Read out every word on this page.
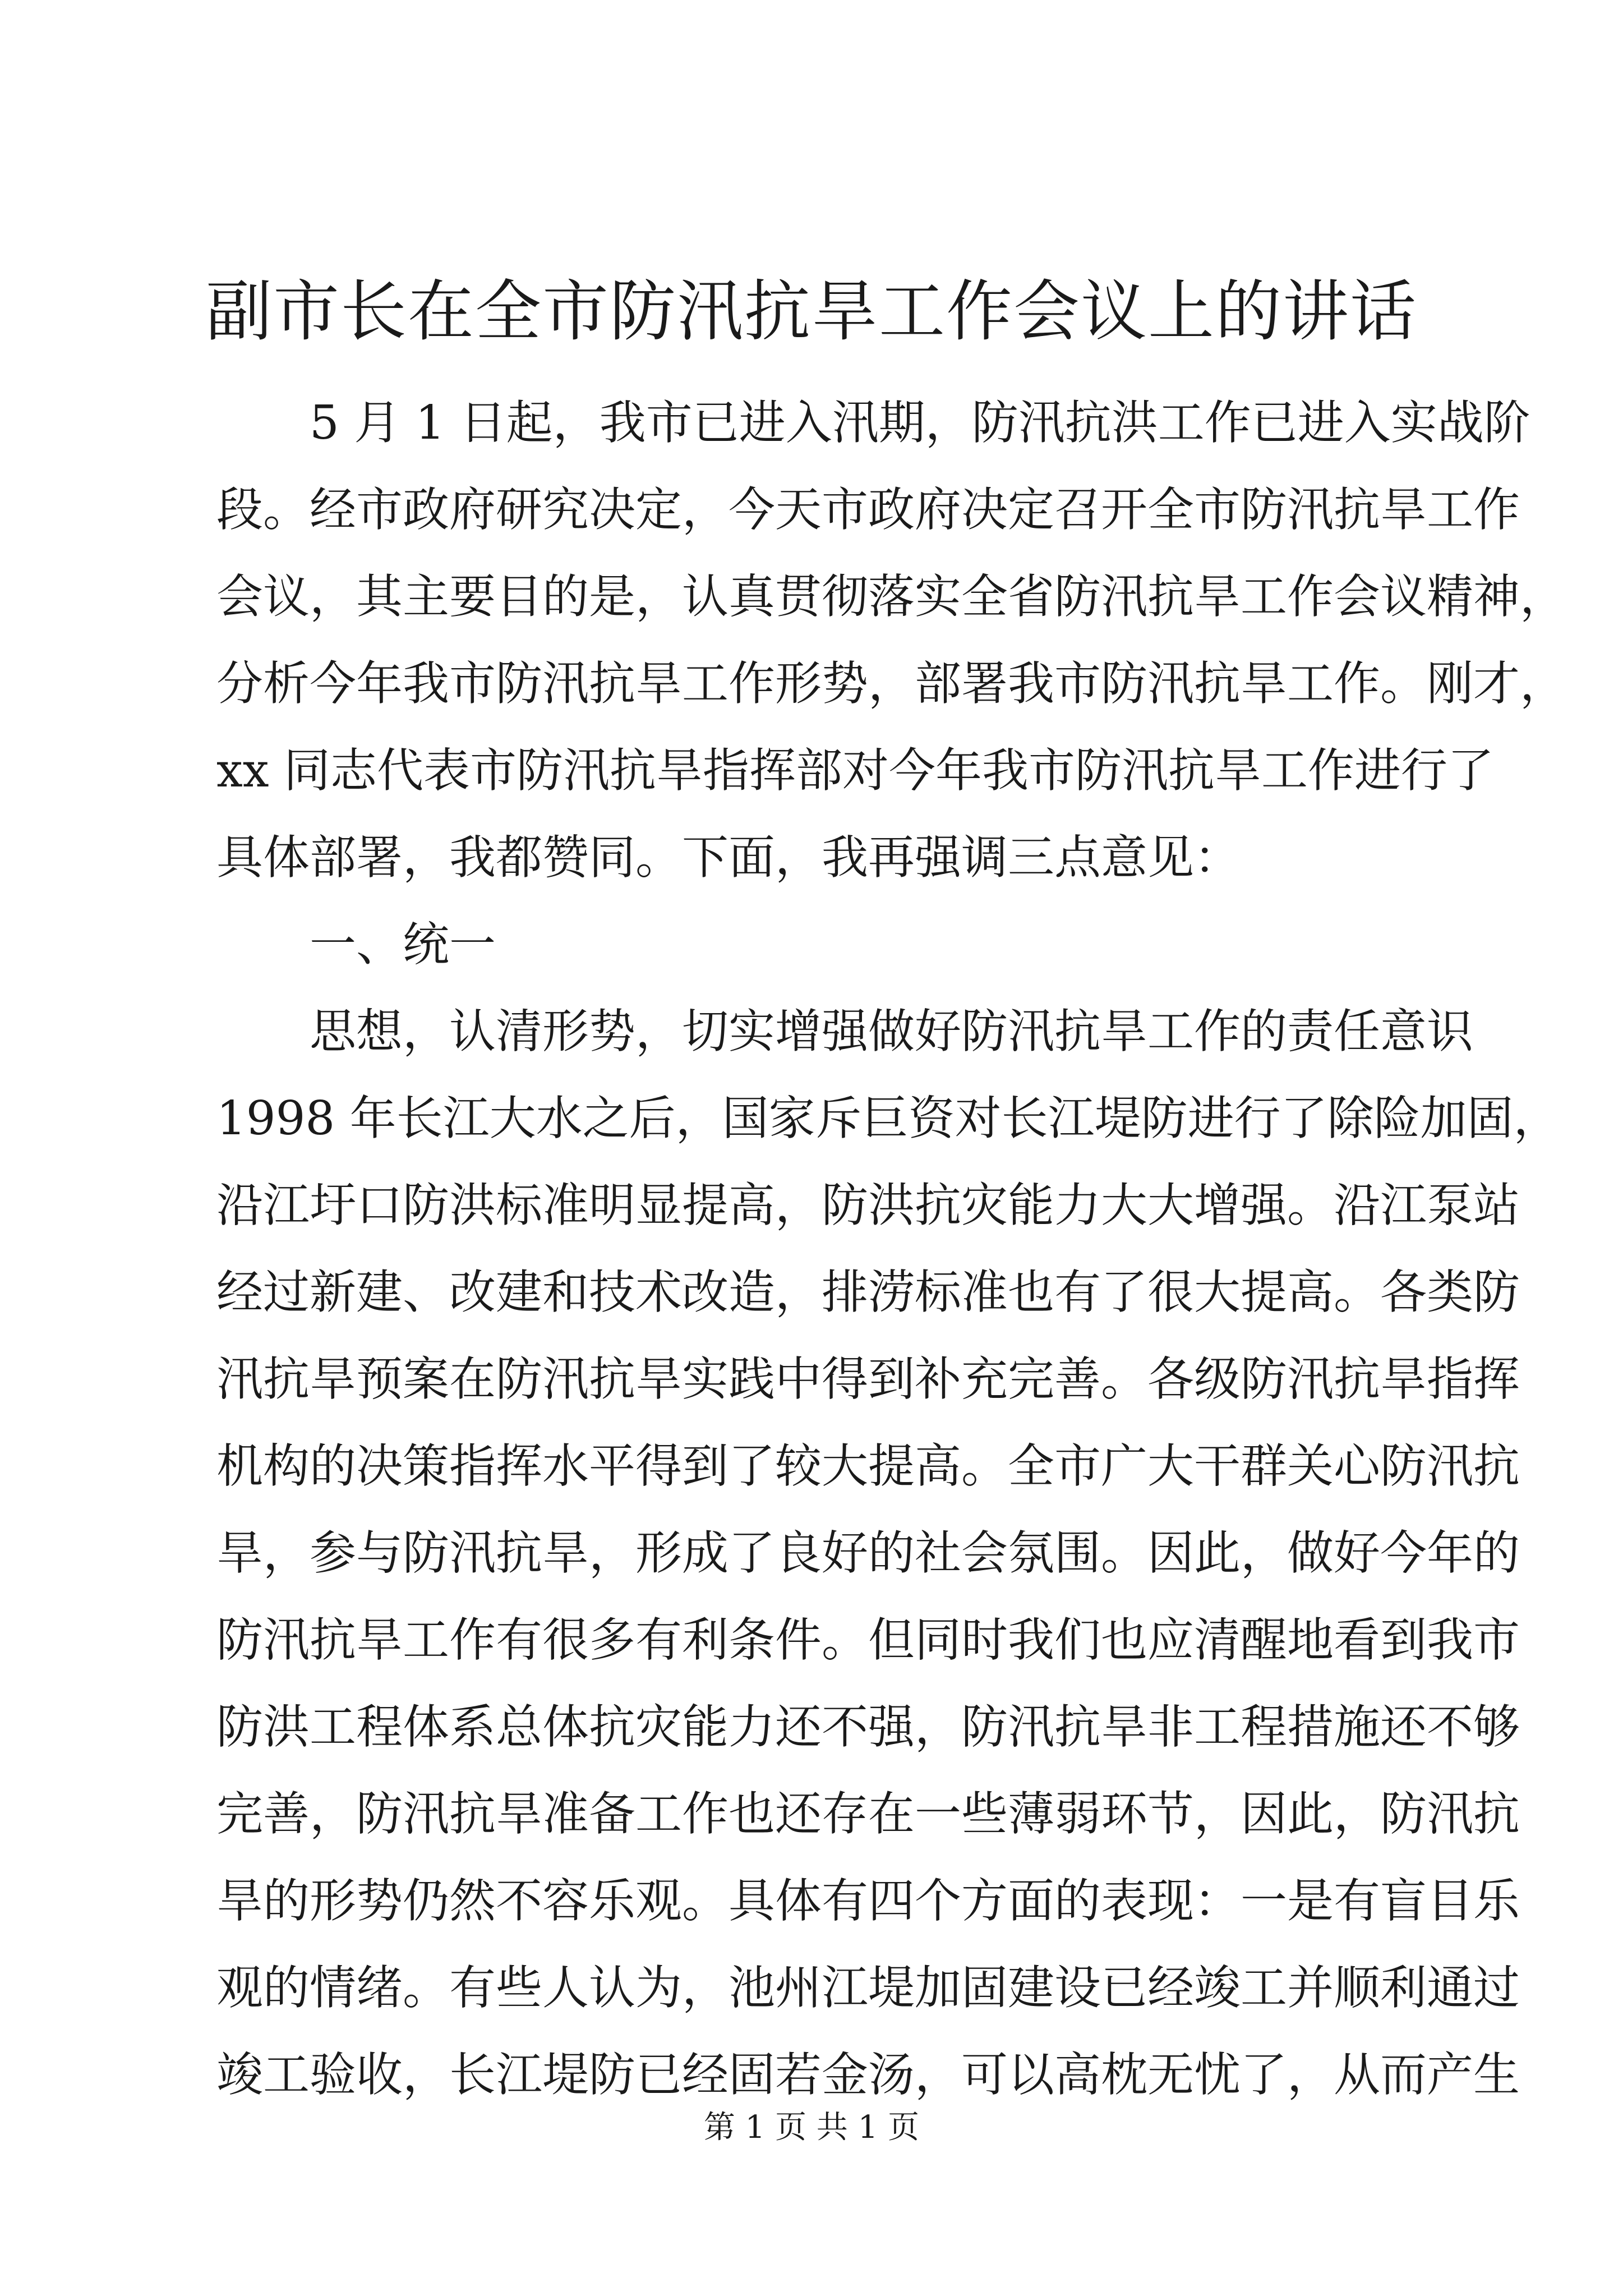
副市长在全市防汛抗旱工作会议上的讲话
5 月 1 日起，我市已进入汛期，防汛抗洪工作已进入实战阶
段。经市政府研究决定，今天市政府决定召开全市防汛抗旱工作
会议，其主要目的是，认真贯彻落实全省防汛抗旱工作会议精神，
分析今年我市防汛抗旱工作形势，部署我市防汛抗旱工作。刚才，
xx 同志代表市防汛抗旱指挥部对今年我市防汛抗旱工作进行了
具体部署，我都赞同。下面，我再强调三点意见：
一、统一
思想，认清形势，切实增强做好防汛抗旱工作的责任意识
1998 年长江大水之后，国家斥巨资对长江堤防进行了除险加固，
沿江圩口防洪标准明显提高，防洪抗灾能力大大增强。沿江泵站
经过新建、改建和技术改造，排涝标准也有了很大提高。各类防
汛抗旱预案在防汛抗旱实践中得到补充完善。各级防汛抗旱指挥
机构的决策指挥水平得到了较大提高。全市广大干群关心防汛抗
旱，参与防汛抗旱，形成了良好的社会氛围。因此，做好今年的
防汛抗旱工作有很多有利条件。但同时我们也应清醒地看到我市
防洪工程体系总体抗灾能力还不强，防汛抗旱非工程措施还不够
完善，防汛抗旱准备工作也还存在一些薄弱环节，因此，防汛抗
旱的形势仍然不容乐观。具体有四个方面的表现：一是有盲目乐
观的情绪。有些人认为，池州江堤加固建设已经竣工并顺利通过
竣工验收，长江堤防已经固若金汤，可以高枕无忧了，从而产生
第 1 页 共 1 页
